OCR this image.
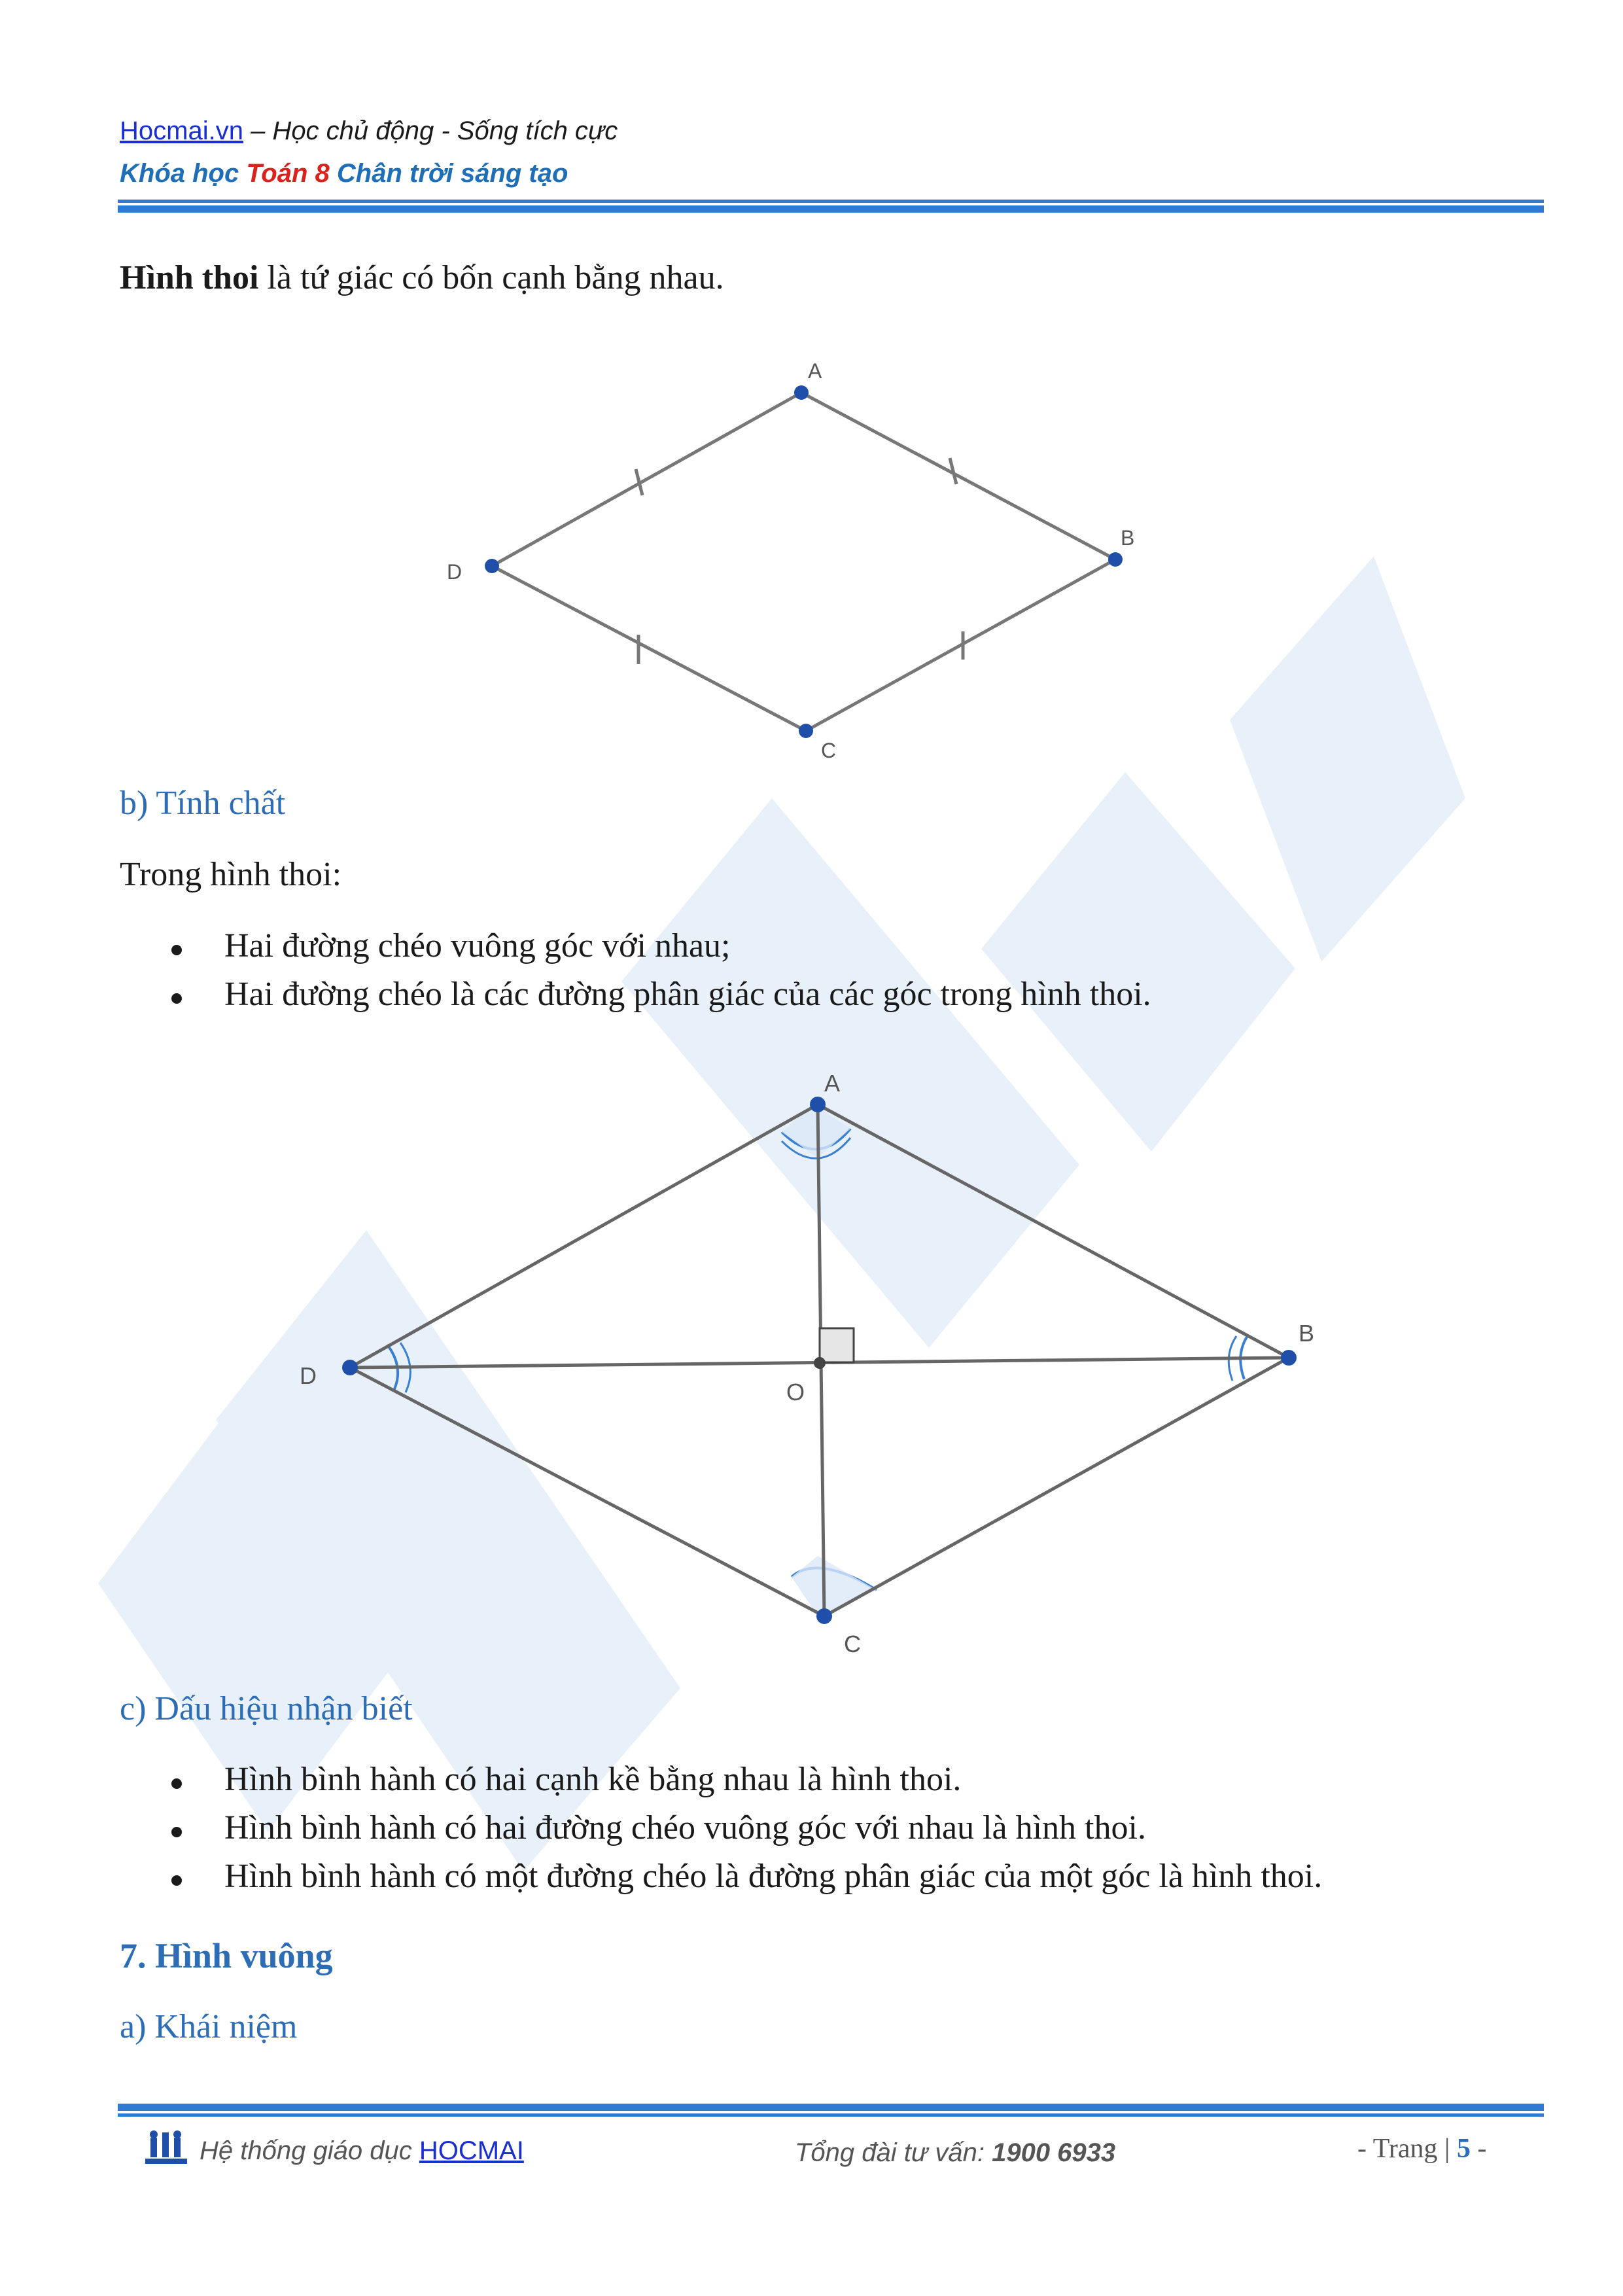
Hocmai.vn – Học chủ động - Sống tích cực
Khóa học Toán 8 Chân trời sáng tạo
Hình thoi là tứ giác có bốn cạnh bằng nhau.
A
B
C
D
b) Tính chất
Trong hình thoi:
Hai đường chéo vuông góc với nhau;
Hai đường chéo là các đường phân giác của các góc trong hình thoi.
A
B
C
D
O
c) Dấu hiệu nhận biết
Hình bình hành có hai cạnh kề bằng nhau là hình thoi.
Hình bình hành có hai đường chéo vuông góc với nhau là hình thoi.
Hình bình hành có một đường chéo là đường phân giác của một góc là hình thoi.
7. Hình vuông
a) Khái niệm
Hệ thống giáo dục HOCMAI	Tổng đài tư vấn: 1900 6933	- Trang | 5 -
